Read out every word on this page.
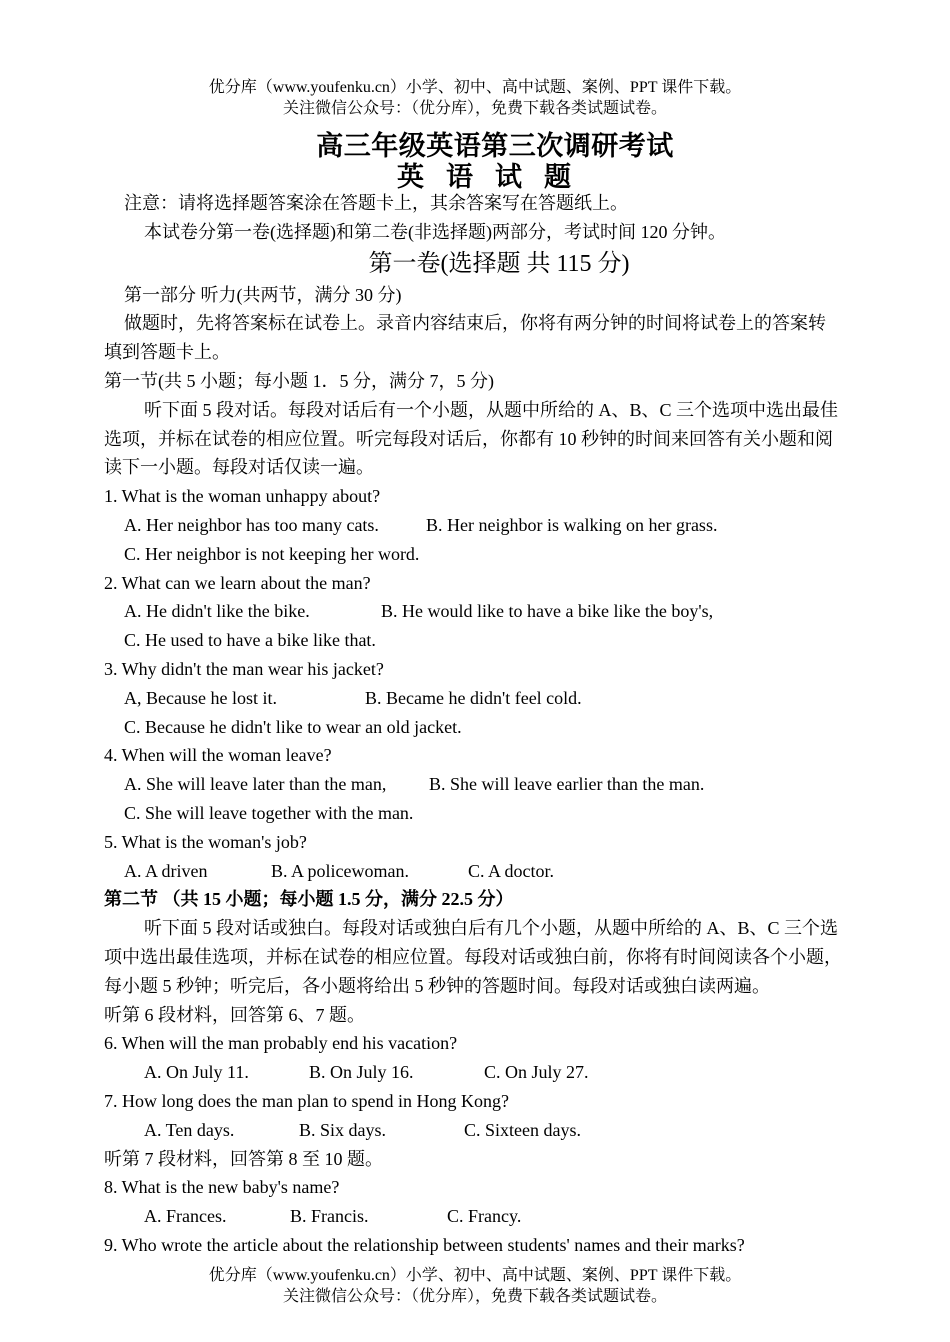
优分库（www.youfenku.cn）小学、初中、高中试题、案例、PPT 课件下载。
关注微信公众号：（优分库），免费下载各类试题试卷。
高三年级英语第三次调研考试
英语试题
注意：请将选择题答案涂在答题卡上，其余答案写在答题纸上。
本试卷分第一卷(选择题)和第二卷(非选择题)两部分，考试时间 120 分钟。
第一卷(选择题 共 115 分)
第一部分 听力(共两节，满分 30 分)
做题时，先将答案标在试卷上。录音内容结束后，你将有两分钟的时间将试卷上的答案转
填到答题卡上。
第一节(共 5 小题；每小题 1．5 分，满分 7，5 分)
听下面 5 段对话。每段对话后有一个小题，从题中所给的 A、B、C 三个选项中选出最佳
选项，并标在试卷的相应位置。听完每段对话后，你都有 10 秒钟的时间来回答有关小题和阅
读下一小题。每段对话仅读一遍。
1. What is the woman unhappy about?
A. Her neighbor has too many cats.	B. Her neighbor is walking on her grass.
C. Her neighbor is not keeping her word.
2. What can we learn about the man?
A. He didn't like the bike.	B. He would like to have a bike like the boy's,
C. He used to have a bike like that.
3. Why didn't the man wear his jacket?
A, Because he lost it.	B. Became he didn't feel cold.
C. Because he didn't like to wear an old jacket.
4. When will the woman leave?
A. She will leave later than the man, B. She will leave earlier than the man.
C. She will leave together with the man.
5. What is the woman's job?
A. A driven	B. A policewoman.	C. A doctor.
第二节 （共 15 小题；每小题 1.5 分，满分 22.5 分）
听下面 5 段对话或独白。每段对话或独白后有几个小题，从题中所给的 A、B、C 三个选
项中选出最佳选项，并标在试卷的相应位置。每段对话或独白前，你将有时间阅读各个小题，
每小题 5 秒钟；听完后，各小题将给出 5 秒钟的答题时间。每段对话或独白读两遍。
听第 6 段材料，回答第 6、7 题。
6. When will the man probably end his vacation?
A. On July 11.	B. On July 16.	C. On July 27.
7. How long does the man plan to spend in Hong Kong?
A. Ten days.	B. Six days.	C. Sixteen days.
听第 7 段材料，回答第 8 至 10 题。
8. What is the new baby's name?
A. Frances.	B. Francis.	C. Francy.
9. Who wrote the article about the relationship between students' names and their marks?
优分库（www.youfenku.cn）小学、初中、高中试题、案例、PPT 课件下载。
关注微信公众号：（优分库），免费下载各类试题试卷。
